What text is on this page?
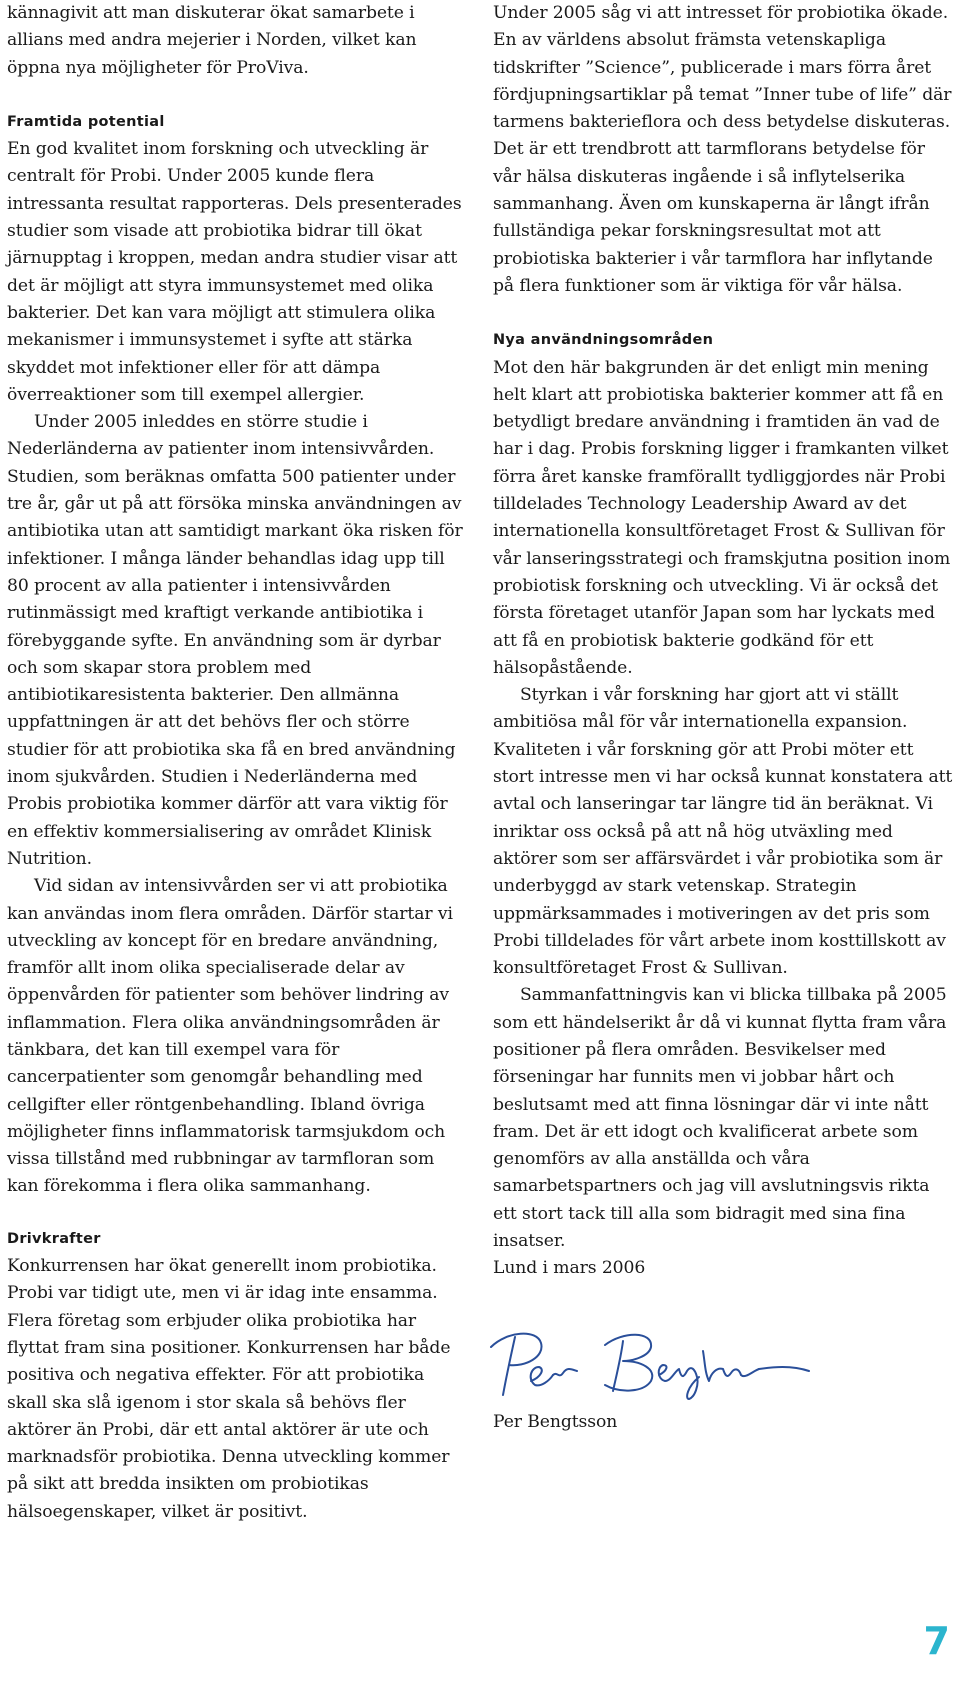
kännagivit att man diskuterar ökat samarbete i allians med andra mejerier i Norden, vilket kan öppna nya möjligheter för ProViva.

Framtida potential

En god kvalitet inom forskning och utveckling är centralt för Probi. Under 2005 kunde flera intressanta resultat rapporteras. Dels presenterades studier som visade att probiotika bidrar till ökat järnupptag i kroppen, medan andra studier visar att det är möjligt att styra immunsystemet med olika bakterier. Det kan vara möjligt att stimulera olika mekanismer i immunsystemet i syfte att stärka skyddet mot infektioner eller för att dämpa överreaktioner som till exempel allergier.

Under 2005 inleddes en större studie i Nederländerna av patienter inom intensivvården. Studien, som beräknas omfatta 500 patienter under tre år, går ut på att försöka minska användningen av antibiotika utan att samtidigt markant öka risken för infektioner. I många länder behandlas idag upp till 80 procent av alla patienter i intensivvården rutinmässigt med kraftigt verkande antibiotika i förebyggande syfte. En användning som är dyrbar och som skapar stora problem med antibiotikaresistenta bakterier. Den allmänna uppfattningen är att det behövs fler och större studier för att probiotika ska få en bred användning inom sjukvården. Studien i Nederländerna med Probis probiotika kommer därför att vara viktig för en effektiv kommersialisering av området Klinisk Nutrition.

Vid sidan av intensivvården ser vi att probiotika kan användas inom flera områden. Därför startar vi utveckling av koncept för en bredare användning, framför allt inom olika specialiserade delar av öppenvården för patienter som behöver lindring av inflammation. Flera olika användningsområden är tänkbara, det kan till exempel vara för cancerpatienter som genomgår behandling med cellgifter eller röntgenbehandling. Ibland övriga möjligheter finns inflammatorisk tarmsjukdom och vissa tillstånd med rubbningar av tarmfloran som kan förekomma i flera olika sammanhang.

Drivkrafter

Konkurrensen har ökat generellt inom probiotika. Probi var tidigt ute, men vi är idag inte ensamma. Flera företag som erbjuder olika probiotika har flyttat fram sina positioner. Konkurrensen har både positiva och negativa effekter. För att probiotika skall ska slå igenom i stor skala så behövs fler aktörer än Probi, där ett antal aktörer är ute och marknadsför probiotika. Denna utveckling kommer på sikt att bredda insikten om probiotikas hälsoegenskaper, vilket är positivt.

Under 2005 såg vi att intresset för probiotika ökade. En av världens absolut främsta vetenskapliga tidskrifter ”Science”, publicerade i mars förra året fördjupningsartiklar på temat ”Inner tube of life” där tarmens bakterieflora och dess betydelse diskuteras. Det är ett trendbrott att tarmflorans betydelse för vår hälsa diskuteras ingående i så inflytelserika sammanhang. Även om kunskaperna är långt ifrån fullständiga pekar forskningsresultat mot att probiotiska bakterier i vår tarmflora har inflytande på flera funktioner som är viktiga för vår hälsa.

Nya användningsområden

Mot den här bakgrunden är det enligt min mening helt klart att probiotiska bakterier kommer att få en betydligt bredare användning i framtiden än vad de har i dag. Probis forskning ligger i framkanten vilket förra året kanske framförallt tydliggjordes när Probi tilldelades Technology Leadership Award av det internationella konsultföretaget Frost & Sullivan för vår lanseringsstrategi och framskjutna position inom probiotisk forskning och utveckling. Vi är också det första företaget utanför Japan som har lyckats med att få en probiotisk bakterie godkänd för ett hälsopåstående.

Styrkan i vår forskning har gjort att vi ställt ambitiösa mål för vår internationella expansion. Kvaliteten i vår forskning gör att Probi möter ett stort intresse men vi har också kunnat konstatera att avtal och lanseringar tar längre tid än beräknat. Vi inriktar oss också på att nå hög utväxling med aktörer som ser affärsvärdet i vår probiotika som är underbyggd av stark vetenskap. Strategin uppmärksammades i motiveringen av det pris som Probi tilldelades för vårt arbete inom kosttillskott av konsultföretaget Frost & Sullivan.

Sammanfattningvis kan vi blicka tillbaka på 2005 som ett händelserikt år då vi kunnat flytta fram våra positioner på flera områden. Besvikelser med förseningar har funnits men vi jobbar hårt och beslutsamt med att finna lösningar där vi inte nått fram. Det är ett idogt och kvalificerat arbete som genomförs av alla anställda och våra samarbetspartners och jag vill avslutningsvis rikta ett stort tack till alla som bidragit med sina fina insatser.

Lund i mars 2006

Per Bengtsson

7
